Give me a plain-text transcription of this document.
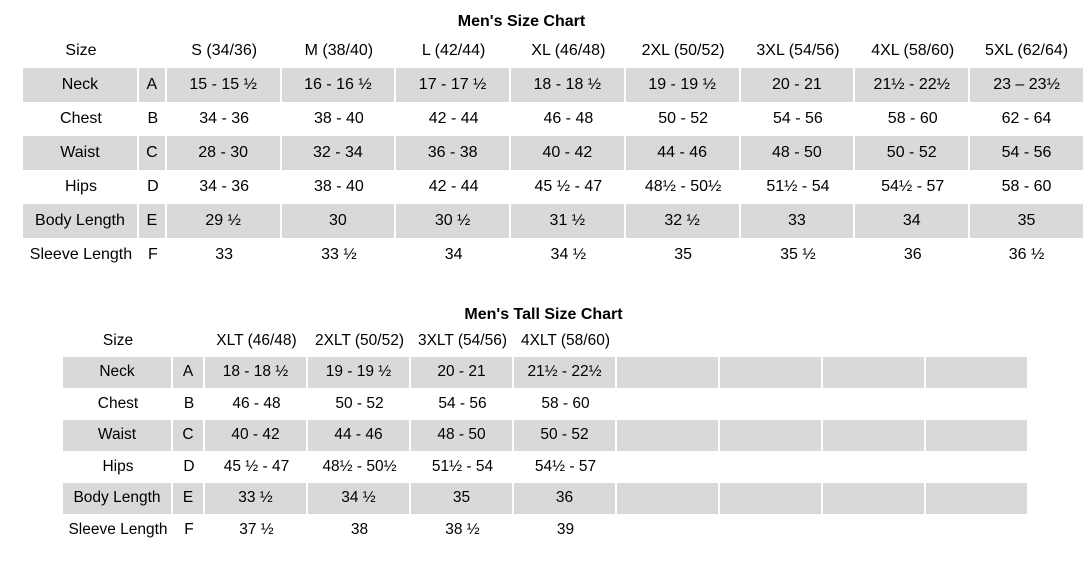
Men's Size Chart
Size		S (34/36)	M (38/40)	L (42/44)	XL (46/48)	2XL (50/52)	3XL (54/56)	4XL (58/60)	5XL (62/64)
Neck	A	15 - 15 ½	16 - 16 ½	17 - 17 ½	18 - 18 ½	19 - 19 ½	20 - 21	21½ - 22½	23 – 23½
Chest	B	34 - 36	38 - 40	42 - 44	46 - 48	50 - 52	54 - 56	58 - 60	62 - 64
Waist	C	28 - 30	32 - 34	36 - 38	40 - 42	44 - 46	48 - 50	50 - 52	54 - 56
Hips	D	34 - 36	38 - 40	42 - 44	45 ½ - 47	48½ - 50½	51½ - 54	54½ - 57	58 - 60
Body Length	E	29 ½	30	30 ½	31 ½	32 ½	33	34	35
Sleeve Length	F	33	33 ½	34	34 ½	35	35 ½	36	36 ½
Men's Tall Size Chart
Size		XLT (46/48)	2XLT (50/52)	3XLT (54/56)	4XLT (58/60)				
Neck	A	18 - 18 ½	19 - 19 ½	20 - 21	21½ - 22½				
Chest	B	46 - 48	50 - 52	54 - 56	58 - 60				
Waist	C	40 - 42	44 - 46	48 - 50	50 - 52				
Hips	D	45 ½ - 47	48½ - 50½	51½ - 54	54½ - 57				
Body Length	E	33 ½	34 ½	35	36				
Sleeve Length	F	37 ½	38	38 ½	39				
